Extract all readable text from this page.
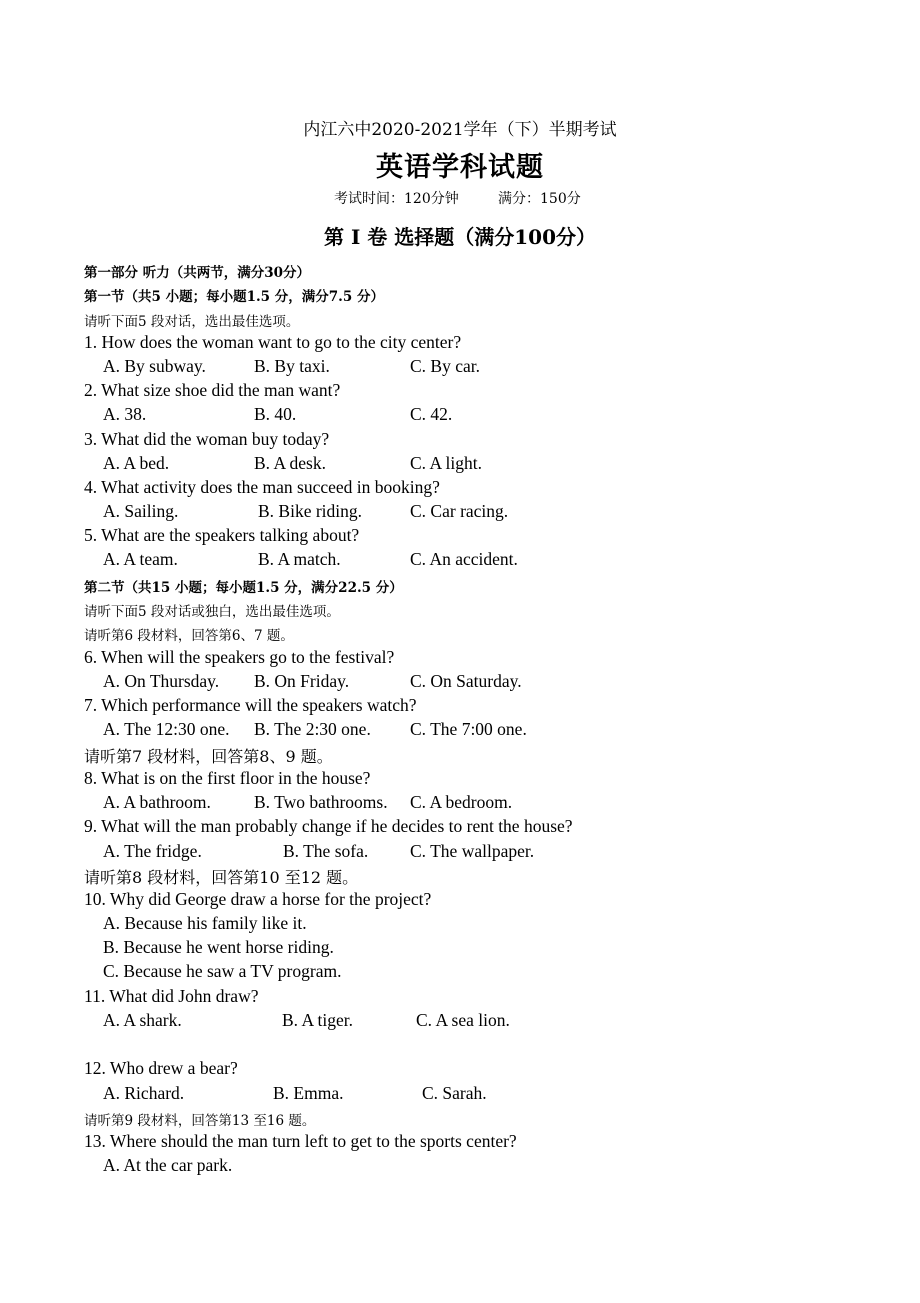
内江六中2020-2021学年（下）半期考试
英语学科试题
考试时间：120分钟	满分：150分
第 I 卷 选择题（满分100分）
第一部分 听力（共两节，满分30分）
第一节（共5 小题；每小题1.5 分，满分7.5 分）
请听下面5 段对话，选出最佳选项。
1. How does the woman want to go to the city center?
A. By subway.	B. By taxi.	C. By car.
2. What size shoe did the man want?
A. 38.	B. 40.	C. 42.
3. What did the woman buy today?
A. A bed.	B. A desk.	C. A light.
4. What activity does the man succeed in booking?
A. Sailing.	B. Bike riding.	C. Car racing.
5. What are the speakers talking about?
A. A team.	B. A match.	C. An accident.
第二节（共15 小题；每小题1.5 分，满分22.5 分）
请听下面5 段对话或独白，选出最佳选项。
请听第6 段材料，回答第6、7 题。
6. When will the speakers go to the festival?
A. On Thursday. B. On Friday.	C. On Saturday.
7. Which performance will the speakers watch?
A. The 12:30 one. B. The 2:30 one. C. The 7:00 one.
请听第7 段材料，回答第8、9 题。
8. What is on the first floor in the house?
A. A bathroom. B. Two bathrooms. C. A bedroom.
9. What will the man probably change if he decides to rent the house?
A. The fridge.	B. The sofa. C. The wallpaper.
请听第8 段材料，回答第10 至12 题。
10. Why did George draw a horse for the project?
A. Because his family like it.
B. Because he went horse riding.
C. Because he saw a TV program.
11. What did John draw?
A. A shark.	B. A tiger.	C. A sea lion.
12. Who drew a bear?
A. Richard.	B. Emma.	C. Sarah.
请听第9 段材料，回答第13 至16 题。
13. Where should the man turn left to get to the sports center?
A. At the car park.
